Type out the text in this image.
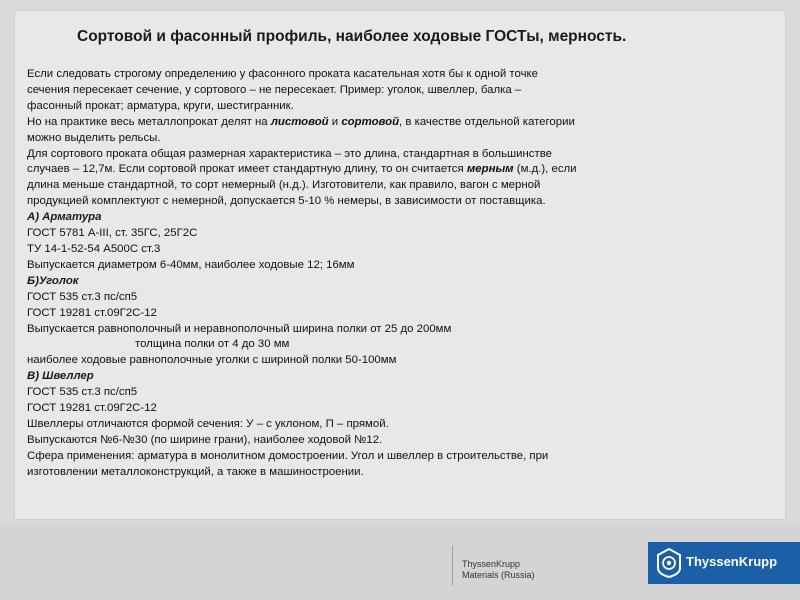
Сортовой и фасонный профиль, наиболее ходовые ГОСТы, мерность.
Если следовать строгому определению у фасонного проката касательная хотя бы к одной точке
сечения пересекает сечение, у сортового – не пересекает. Пример: уголок, швеллер, балка –
фасонный прокат; арматура, круги, шестигранник.
Но на практике весь металлопрокат делят на листовой и сортовой, в качестве отдельной категории
можно выделить рельсы.
Для сортового проката общая размерная характеристика – это длина, стандартная в большинстве
случаев – 12,7м. Если сортовой прокат имеет стандартную длину, то он считается мерным (м.д.), если
длина меньше стандартной, то сорт немерный (н.д.). Изготовители, как правило, вагон с мерной
продукцией комплектуют с немерной, допускается 5-10 % немеры, в зависимости от поставщика.
А) Арматура
ГОСТ 5781 А-III, ст. 35ГС, 25Г2С
ТУ 14-1-52-54 А500С ст.3
Выпускается диаметром 6-40мм, наиболее ходовые 12; 16мм
Б)Уголок
ГОСТ 535 ст.3 пс/сп5
ГОСТ 19281 ст.09Г2С-12
Выпускается равнополочный и неравнополочный ширина полки от 25 до 200мм
толщина полки от 4 до 30 мм
наиболее ходовые равнополочные уголки с шириной полки 50-100мм
В) Швеллер
ГОСТ 535 ст.3 пс/сп5
ГОСТ 19281 ст.09Г2С-12
Швеллеры отличаются формой сечения: У – с уклоном, П – прямой.
Выпускаются №6-№30 (по ширине грани), наиболее ходовой №12.
Сфера применения: арматура в монолитном домостроении. Угол и швеллер в строительстве, при
изготовлении металлоконструкций, а также в машиностроении.
ThyssenKrupp
Materials (Russia)
ThyssenKrupp
